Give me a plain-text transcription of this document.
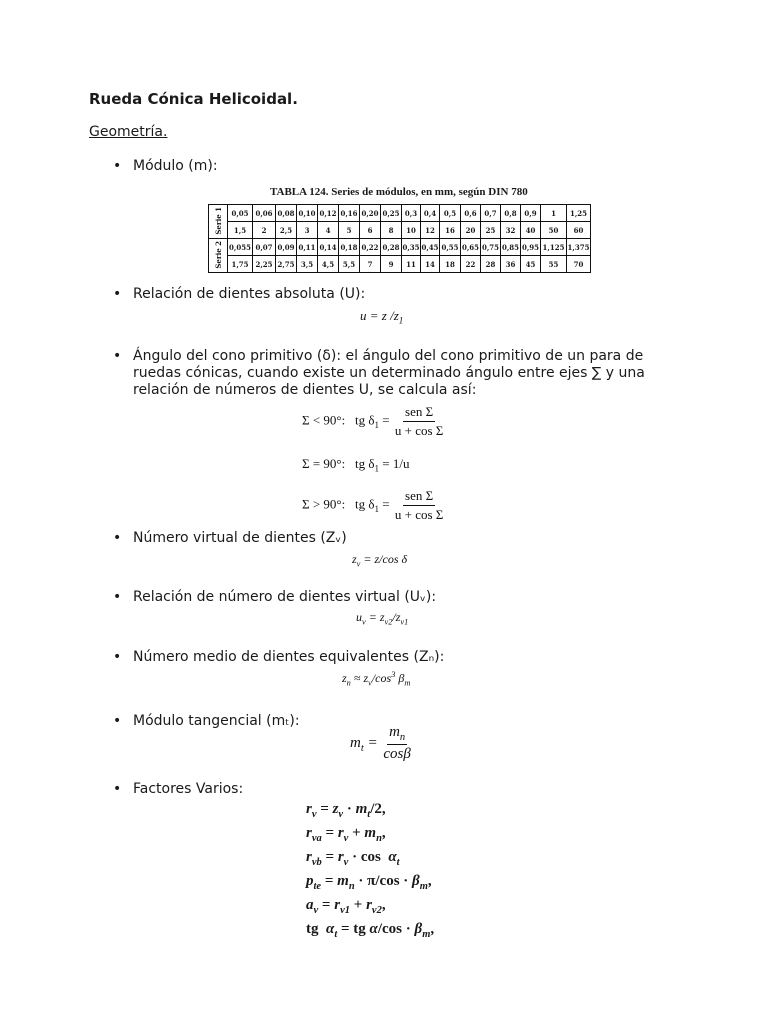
Rueda Cónica Helicoidal.
Geometría.
• Módulo (m):
TABLA 124. Series de módulos, en mm, según DIN 780
Serie 1	0,05	0,06	0,08	0,10	0,12	0,16	0,20	0,25	0,3	0,4	0,5	0,6	0,7	0,8	0,9	1	1,25
	1,5	2	2,5	3	4	5	6	8	10	12	16	20	25	32	40	50	60
Serie 2	0,055	0,07	0,09	0,11	0,14	0,18	0,22	0,28	0,35	0,45	0,55	0,65	0,75	0,85	0,95	1,125	1,375
	1,75	2,25	2,75	3,5	4,5	5,5	7	9	11	14	18	22	28	36	45	55	70
• Relación de dientes absoluta (U):
u = z $/z_1$
• Ángulo del cono primitivo (δ): el ángulo del cono primitivo de un para de ruedas cónicas, cuando existe un determinado ángulo entre ejes ∑ y una relación de números de dientes U, se calcula así:
Σ < 90°: tg $\delta_1 = \frac{\text{sen Σ}}{\text{u + cos Σ}}$
Σ = 90°: tg $\delta_1 = 1/u$
Σ > 90°: tg $\delta_1 = \frac{\text{sen Σ}}{\text{u + cos Σ}}$
• Número virtual de dientes (Zᵥ)
$z_v = z/\cos$ δ
• Relación de número de dientes virtual (Uᵥ):
$u_v = z_{v2}/z_{v1}$
• Número medio de dientes equivalentes (Zₙ):
$z_n \approx z_v/\cos^3$ $\beta_m$
• Módulo tangencial (mₜ):
$m_t = \frac{m_n}{\cos\beta}$
• Factores Varios:
$r_v = z_v \cdot m_t/2$,
$r_{va} = r_v + m_n$,
$r_{vb} = r_v \cdot \cos \alpha_t$
$p_{te} = m_n \cdot \pi/\cos \cdot \beta_m$,
$a_v = r_{v1} + r_{v2}$,
tg  $\alpha_t$ = tg $\alpha/\cos \cdot \beta_m$,
